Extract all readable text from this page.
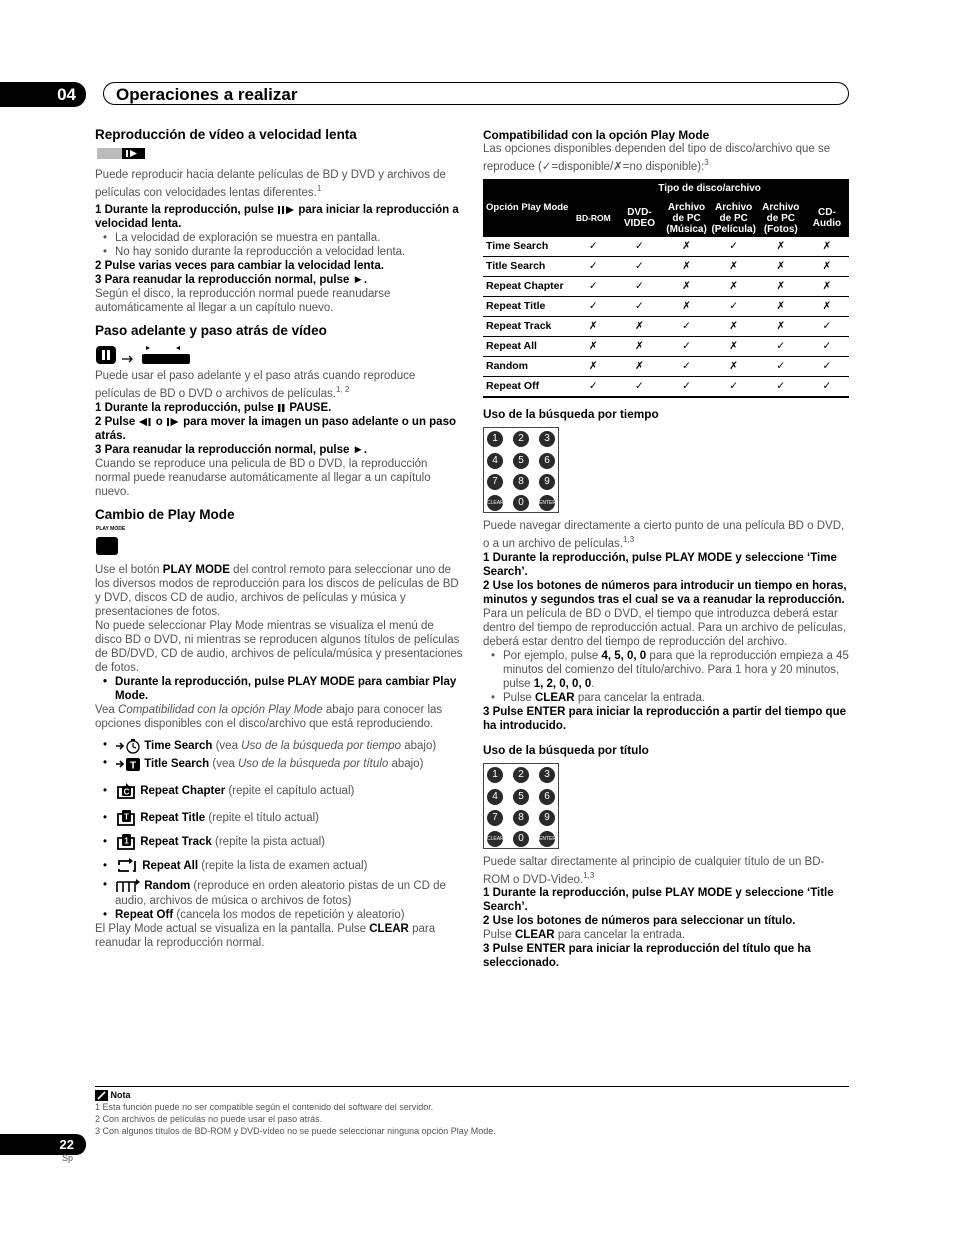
04	Operaciones a realizar
Reproducción de vídeo a velocidad lenta

Puede reproducir hacia delante películas de BD y DVD y archivos de películas con velocidades lentas diferentes.$^1$

1 Durante la reproducción, pulse para iniciar la reproducción a velocidad lenta.

• La velocidad de exploración se muestra en pantalla.

• No hay sonido durante la reproducción a velocidad lenta.

2 Pulse varias veces para cambiar la velocidad lenta.

3 Para reanudar la reproducción normal, pulse ►.

Según el disco, la reproducción normal puede reanudarse automáticamente al llegar a un capítulo nuevo.

Paso adelante y paso atrás de vídeo

Puede usar el paso adelante y el paso atrás cuando reproduce películas de BD o DVD o archivos de películas.$^{1, 2}$

1 Durante la reproducción, pulse PAUSE.

2 Pulse o para mover la imagen un paso adelante o un paso atrás.

3 Para reanudar la reproducción normal, pulse ►.

Cuando se reproduce una pelicula de BD o DVD, la reproducción normal puede reanudarse automáticamente al llegar a un capítulo nuevo.

Cambio de Play Mode
PLAY MODE

Use el botón PLAY MODE del control remoto para seleccionar uno de los diversos modos de reproducción para los discos de películas de BD y DVD, discos CD de audio, archivos de películas y música y presentaciones de fotos.

No puede seleccionar Play Mode mientras se visualiza el menú de disco BD o DVD, ni mientras se reproducen algunos títulos de películas de BD/DVD, CD de audio, archivos de película/música y presentaciones de fotos.

• Durante la reproducción, pulse PLAY MODE para cambiar Play Mode.

Vea Compatibilidad con la opción Play Mode abajo para conocer las opciones disponibles con el disco/archivo que está reproduciendo.

• Time Search (vea Uso de la búsqueda por tiempo abajo)

• T Title Search (vea Uso de la búsqueda por título abajo)

• C Repeat Chapter (repite el capítulo actual)

• T Repeat Title (repite el título actual)

• 1 Repeat Track (repite la pista actual)

• Repeat All (repite la lista de examen actual)

• Random (reproduce en orden aleatorio pistas de un CD de audio, archivos de música o archivos de fotos)

• Repeat Off (cancela los modos de repetición y aleatorio)

El Play Mode actual se visualiza en la pantalla. Pulse CLEAR para reanudar la reproducción normal.

Compatibilidad con la opción Play Mode

Las opciones disponibles dependen del tipo de disco/archivo que se reproduce (✓=disponible/✗=no disponible):$^3$

Opción Play Mode	Tipo de disco/archivo					
	BD-ROM	DVD-VIDEO	Archivo de PC (Música)	Archivo de PC (Película)	Archivo de PC (Fotos)	CD-Audio
Time Search	✓	✓	✗	✓	✗	✗
Title Search	✓	✓	✗	✗	✗	✗
Repeat Chapter	✓	✓	✗	✗	✗	✗
Repeat Title	✓	✓	✗	✓	✗	✗
Repeat Track	✗	✗	✓	✗	✗	✓
Repeat All	✗	✗	✓	✗	✓	✓
Random	✗	✗	✓	✗	✓	✓
Repeat Off	✓	✓	✓	✓	✓	✓
Uso de la búsqueda por tiempo
1	2	3
4	5	6
7	8	9
CLEAR	0	ENTER

Puede navegar directamente a cierto punto de una película BD o DVD, o a un archivo de películas.$^{1,3}$

1 Durante la reproducción, pulse PLAY MODE y seleccione ‘Time Search’.

2 Use los botones de números para introducir un tiempo en horas, minutos y segundos tras el cual se va a reanudar la reproducción.

Para un película de BD o DVD, el tiempo que introduzca deberá estar dentro del tiempo de reproducción actual. Para un archivo de películas, deberá estar dentro del tiempo de reproducción del archivo.

• Por ejemplo, pulse 4, 5, 0, 0 para que la reproducción empieza a 45 minutos del comienzo del título/archivo. Para 1 hora y 20 minutos, pulse 1, 2, 0, 0, 0.

• Pulse CLEAR para cancelar la entrada.

3 Pulse ENTER para iniciar la reproducción a partir del tiempo que ha introducido.

Uso de la búsqueda por título
1	2	3
4	5	6
7	8	9
CLEAR	0	ENTER

Puede saltar directamente al principio de cualquier título de un BD-ROM o DVD-Video.$^{1,3}$

1 Durante la reproducción, pulse PLAY MODE y seleccione ‘Title Search’.

2 Use los botones de números para seleccionar un título.

Pulse CLEAR para cancelar la entrada.

3 Pulse ENTER para iniciar la reproducción del título que ha seleccionado.

Nota
1 Esta función puede no ser compatible según el contenido del software del servidor.
2 Con archivos de películas no puede usar el paso atrás.
3 Con algunos títulos de BD-ROM y DVD-vídeo no se puede seleccionar ninguna opción Play Mode.
22
Sp
